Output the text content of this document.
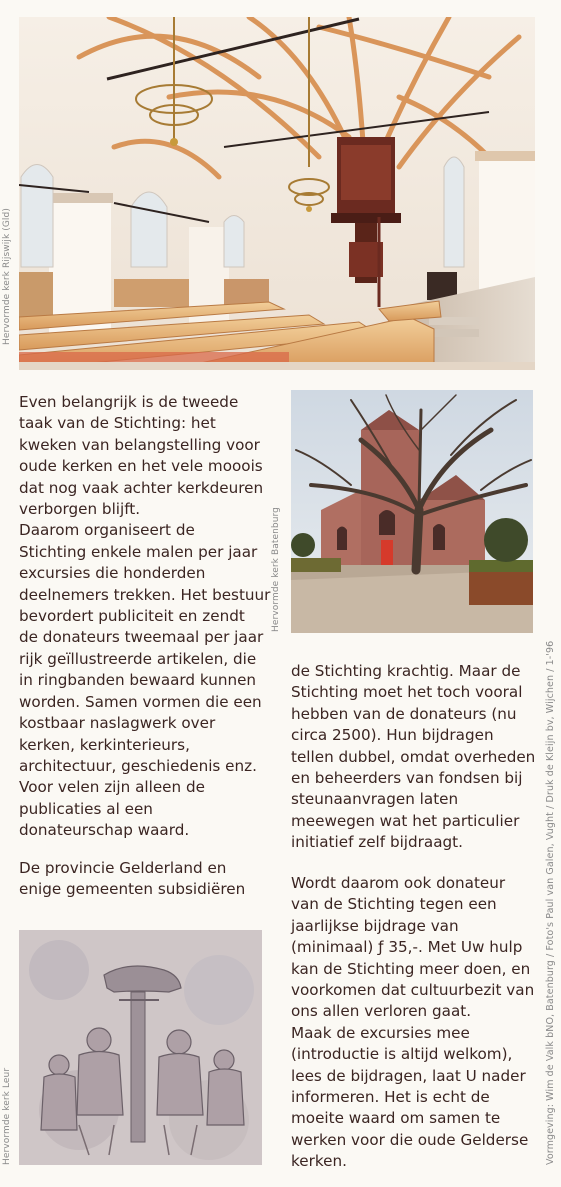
Hervormde kerk Rijswijk (Gld)
Hervormde kerk Batenburg
Hervormde kerk Leur	Vormgeving: Wim de Valk bNO, Batenburg / Foto's Paul van Galen, Vught / Druk de Kleijn bv, Wijchen / 1-'96
Even belangrijk is de tweede
taak van de Stichting: het
kweken van belangstelling voor
oude kerken en het vele mooois
dat nog vaak achter kerkdeuren
verborgen blijft.
Daarom organiseert de
Stichting enkele malen per jaar
excursies die honderden
deelnemers trekken. Het bestuur
bevordert publiciteit en zendt
de donateurs tweemaal per jaar
rijk geïllustreerde artikelen, die
in ringbanden bewaard kunnen
worden. Samen vormen die een
kostbaar naslagwerk over
kerken, kerkinterieurs,
architectuur, geschiedenis enz.
Voor velen zijn alleen de
publicaties al een
donateurschap waard.
De provincie Gelderland en
enige gemeenten subsidiëren
de Stichting krachtig. Maar de
Stichting moet het toch vooral
hebben van de donateurs (nu
circa 2500). Hun bijdragen
tellen dubbel, omdat overheden
en beheerders van fondsen bij
steunaanvragen laten
meewegen wat het particulier
initiatief zelf bijdraagt.
Wordt daarom ook donateur
van de Stichting tegen een
jaarlijkse bijdrage van
(minimaal) ƒ 35,-. Met Uw hulp
kan de Stichting meer doen, en
voorkomen dat cultuurbezit van
ons allen verloren gaat.
Maak de excursies mee
(introductie is altijd welkom),
lees de bijdragen, laat U nader
informeren. Het is echt de
moeite waard om samen te
werken voor die oude Gelderse
kerken.
